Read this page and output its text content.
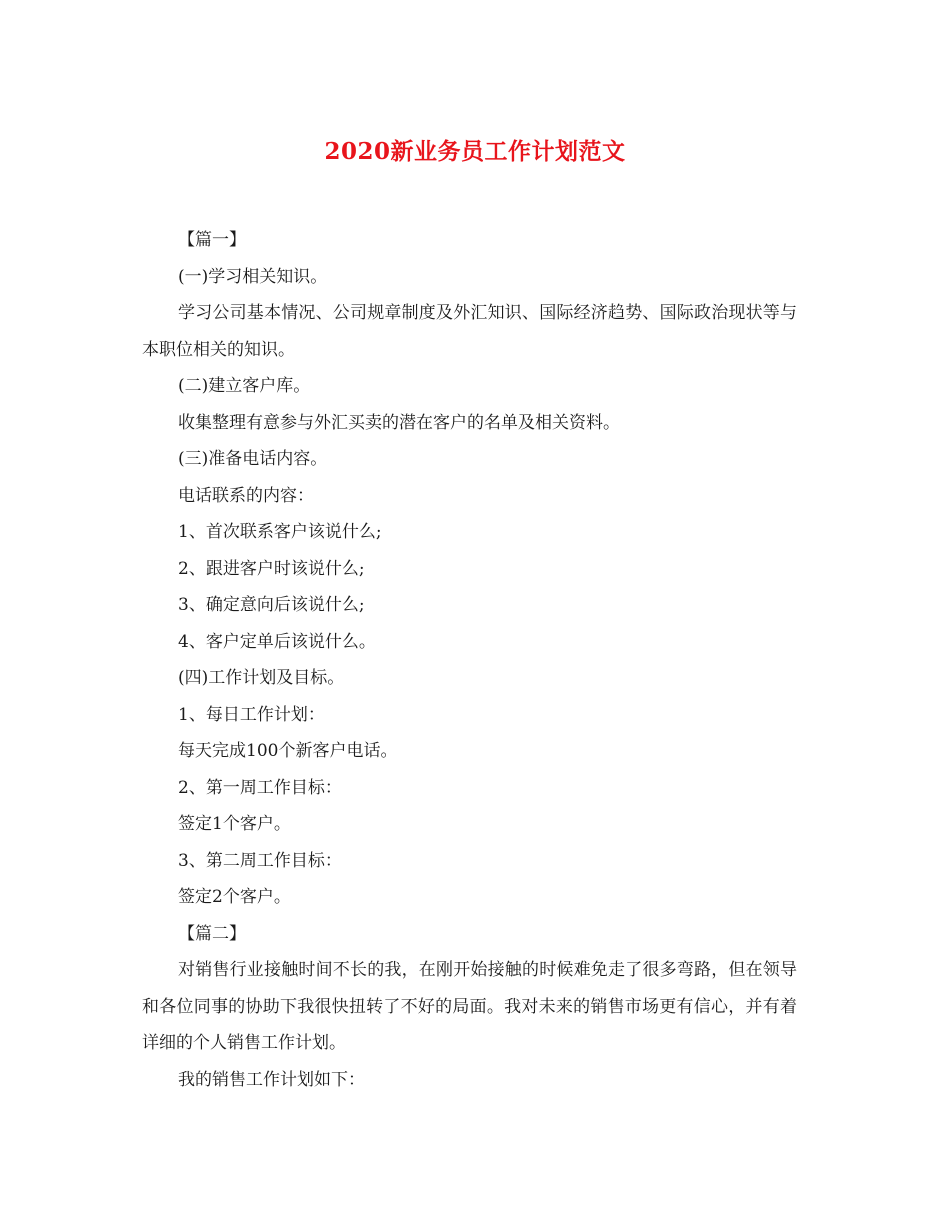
2020新业务员工作计划范文

【篇一】

(一)学习相关知识。

学习公司基本情况、公司规章制度及外汇知识、国际经济趋势、国际政治现状等与本职位相关的知识。

(二)建立客户库。

收集整理有意参与外汇买卖的潜在客户的名单及相关资料。

(三)准备电话内容。

电话联系的内容：

1、首次联系客户该说什么;

2、跟进客户时该说什么;

3、确定意向后该说什么;

4、客户定单后该说什么。

(四)工作计划及目标。

1、每日工作计划：

每天完成100个新客户电话。

2、第一周工作目标：

签定1个客户。

3、第二周工作目标：

签定2个客户。

【篇二】

对销售行业接触时间不长的我，在刚开始接触的时候难免走了很多弯路，但在领导和各位同事的协助下我很快扭转了不好的局面。我对未来的销售市场更有信心，并有着详细的个人销售工作计划。

我的销售工作计划如下：
